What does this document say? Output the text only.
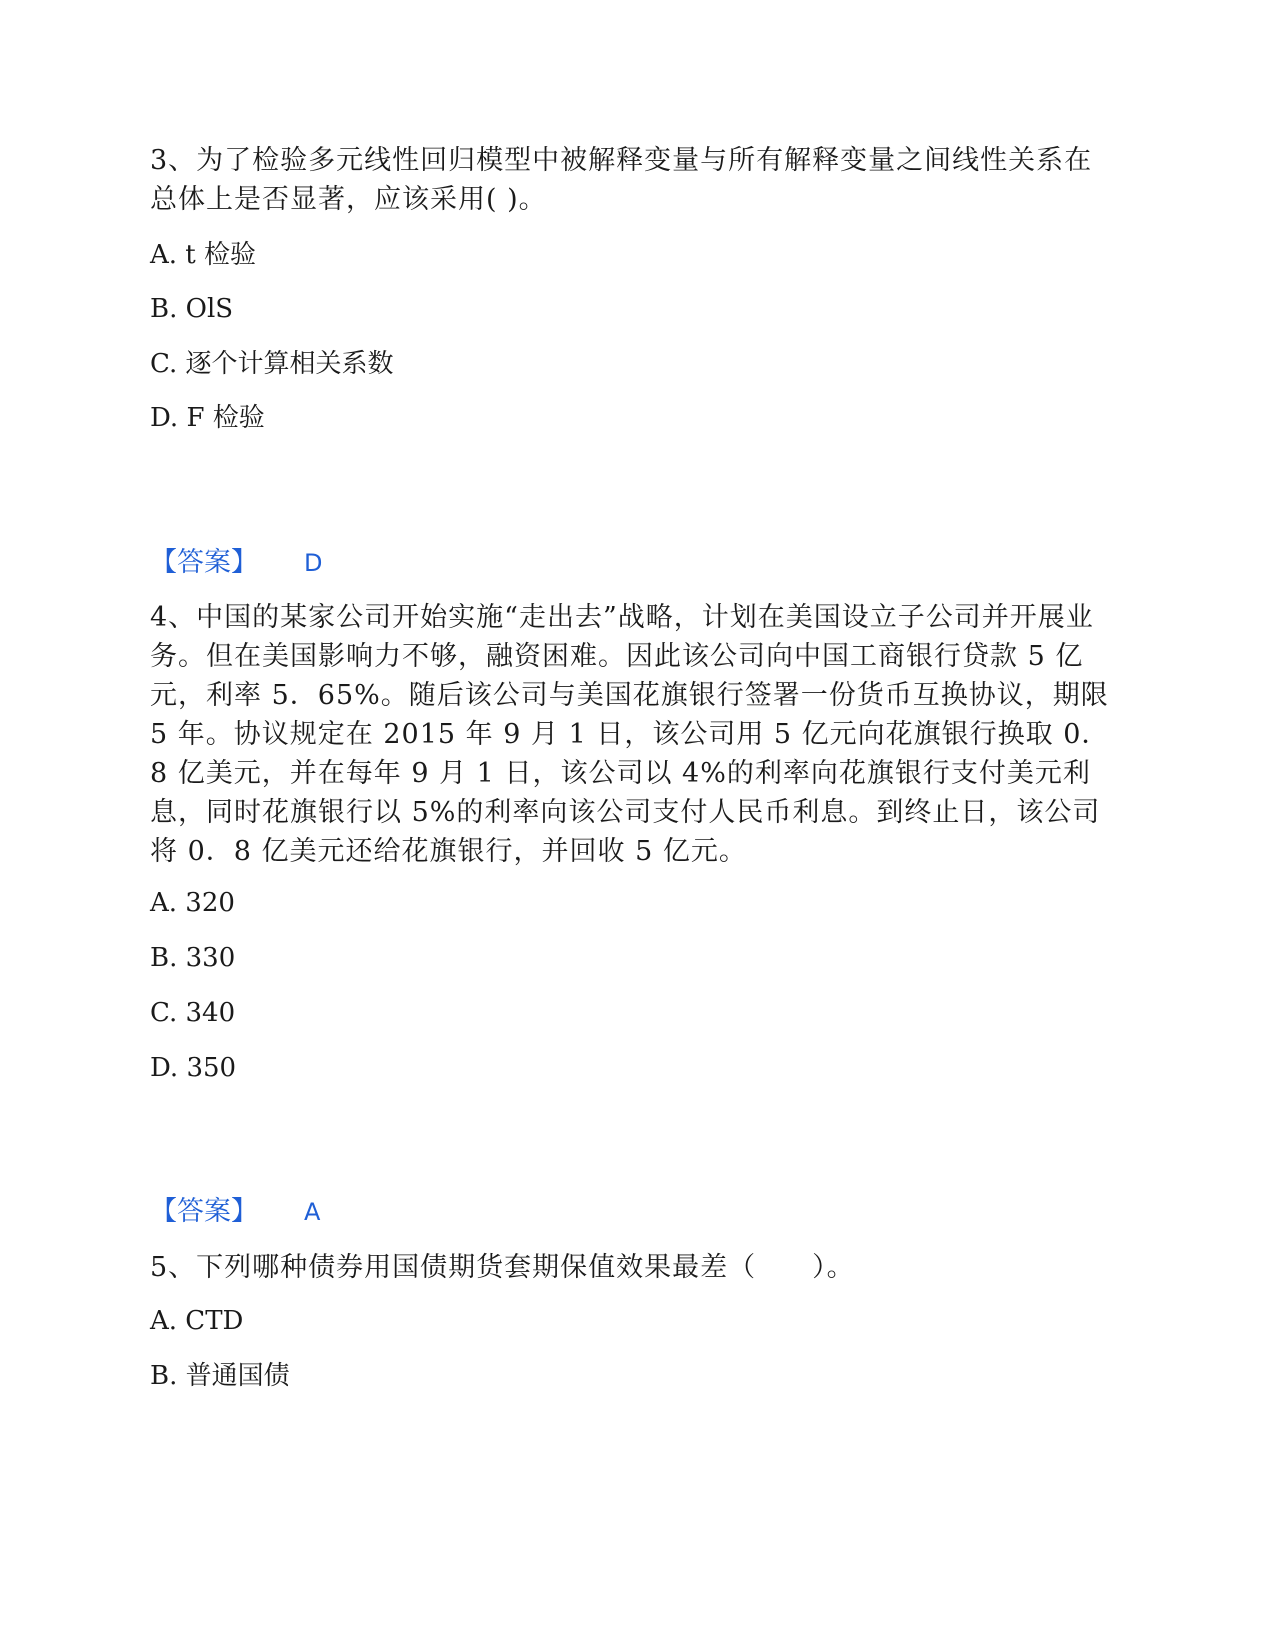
3、为了检验多元线性回归模型中被解释变量与所有解释变量之间线性关系在总体上是否显著，应该采用( )。

A. t 检验

B. OlS

C. 逐个计算相关系数

D. F 检验

【答案】 D

4、中国的某家公司开始实施“走出去”战略，计划在美国设立子公司并开展业务。但在美国影响力不够，融资困难。因此该公司向中国工商银行贷款 5 亿元，利率 5．65%。随后该公司与美国花旗银行签署一份货币互换协议，期限 5 年。协议规定在 2015 年 9 月 1 日，该公司用 5 亿元向花旗银行换取 0．8 亿美元，并在每年 9 月 1 日，该公司以 4%的利率向花旗银行支付美元利息，同时花旗银行以 5%的利率向该公司支付人民币利息。到终止日，该公司将 0．8 亿美元还给花旗银行，并回收 5 亿元。

A. 320

B. 330

C. 340

D. 350

【答案】 A

5、下列哪种债券用国债期货套期保值效果最差（　　）。

A. CTD

B. 普通国债
